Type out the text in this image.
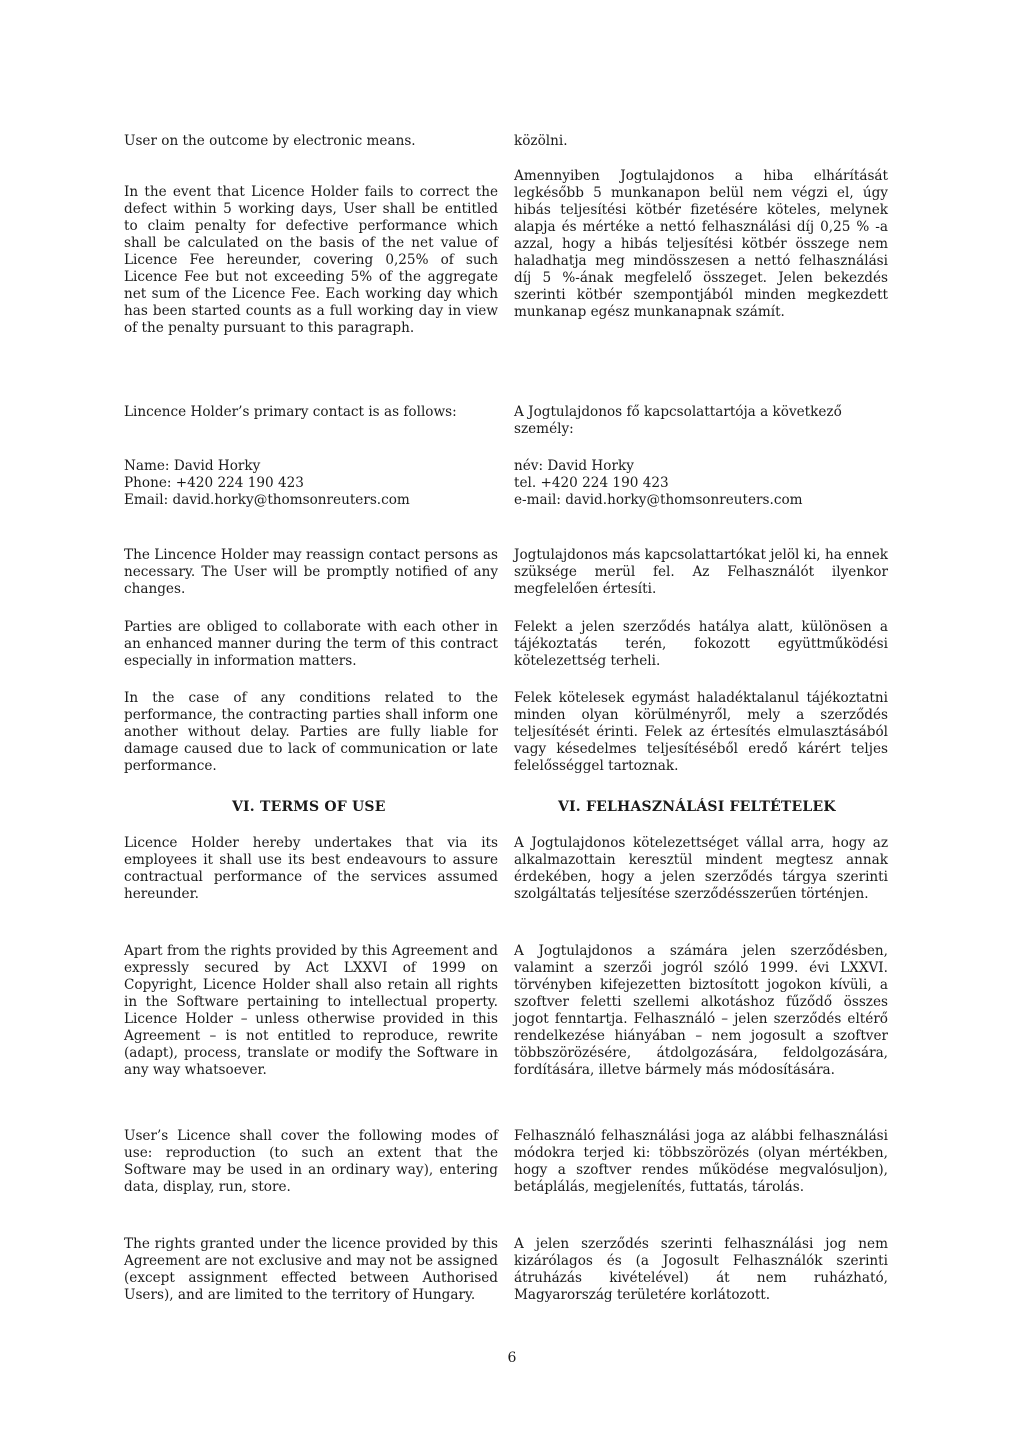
User on the outcome by electronic means.

In the event that Licence Holder fails to correct the defect within 5 working days, User shall be entitled to claim penalty for defective performance which shall be calculated on the basis of the net value of Licence Fee hereunder, covering 0,25% of such Licence Fee but not exceeding 5% of the aggregate net sum of the Licence Fee. Each working day which has been started counts as a full working day in view of the penalty pursuant to this paragraph.

Lincence Holder’s primary contact is as follows:

Name: David Horky
Phone: +420 224 190 423
Email: david.horky@thomsonreuters.com

The Lincence Holder may reassign contact persons as necessary. The User will be promptly notified of any changes.

Parties are obliged to collaborate with each other in an enhanced manner during the term of this contract especially in information matters.

In the case of any conditions related to the performance, the contracting parties shall inform one another without delay. Parties are fully liable for damage caused due to lack of communication or late performance.

VI. TERMS OF USE

Licence Holder hereby undertakes that via its employees it shall use its best endeavours to assure contractual performance of the services assumed hereunder.

Apart from the rights provided by this Agreement and expressly secured by Act LXXVI of 1999 on Copyright, Licence Holder shall also retain all rights in the Software pertaining to intellectual property. Licence Holder – unless otherwise provided in this Agreement – is not entitled to reproduce, rewrite (adapt), process, translate or modify the Software in any way whatsoever.

User’s Licence shall cover the following modes of use: reproduction (to such an extent that the Software may be used in an ordinary way), entering data, display, run, store.

The rights granted under the licence provided by this Agreement are not exclusive and may not be assigned (except assignment effected between Authorised Users), and are limited to the territory of Hungary.

közölni.

Amennyiben Jogtulajdonos a hiba elhárítását legkésőbb 5 munkanapon belül nem végzi el, úgy hibás teljesítési kötbér fizetésére köteles, melynek alapja és mértéke a nettó felhasználási díj 0,25 % -a azzal, hogy a hibás teljesítési kötbér összege nem haladhatja meg mindösszesen a nettó felhasználási díj 5 %-ának megfelelő összeget. Jelen bekezdés szerinti kötbér szempontjából minden megkezdett munkanap egész munkanapnak számít.

A Jogtulajdonos fő kapcsolattartója a következő személy:

név: David Horky
tel. +420 224 190 423
e-mail: david.horky@thomsonreuters.com

Jogtulajdonos más kapcsolattartókat jelöl ki, ha ennek szüksége merül fel. Az Felhasználót ilyenkor megfelelően értesíti.

Felekt a jelen szerződés hatálya alatt, különösen a tájékoztatás terén, fokozott együttműködési kötelezettség terheli.

Felek kötelesek egymást haladéktalanul tájékoztatni minden olyan körülményről, mely a szerződés teljesítését érinti. Felek az értesítés elmulasztásából vagy késedelmes teljesítéséből eredő kárért teljes felelősséggel tartoznak.

VI. FELHASZNÁLÁSI FELTÉTELEK

A Jogtulajdonos kötelezettséget vállal arra, hogy az alkalmazottain keresztül mindent megtesz annak érdekében, hogy a jelen szerződés tárgya szerinti szolgáltatás teljesítése szerződésszerűen történjen.

A Jogtulajdonos a számára jelen szerződésben, valamint a szerzői jogról szóló 1999. évi LXXVI. törvényben kifejezetten biztosított jogokon kívüli, a szoftver feletti szellemi alkotáshoz fűződő összes jogot fenntartja. Felhasználó – jelen szerződés eltérő rendelkezése hiányában – nem jogosult a szoftver többszörözésére, átdolgozására, feldolgozására, fordítására, illetve bármely más módosítására.

Felhasználó felhasználási joga az alábbi felhasználási módokra terjed ki: többszörözés (olyan mértékben, hogy a szoftver rendes működése megvalósuljon), betáplálás, megjelenítés, futtatás, tárolás.

A jelen szerződés szerinti felhasználási jog nem kizárólagos és (a Jogosult Felhasználók szerinti átruházás kivételével) át nem ruházható, Magyarország területére korlátozott.

6
